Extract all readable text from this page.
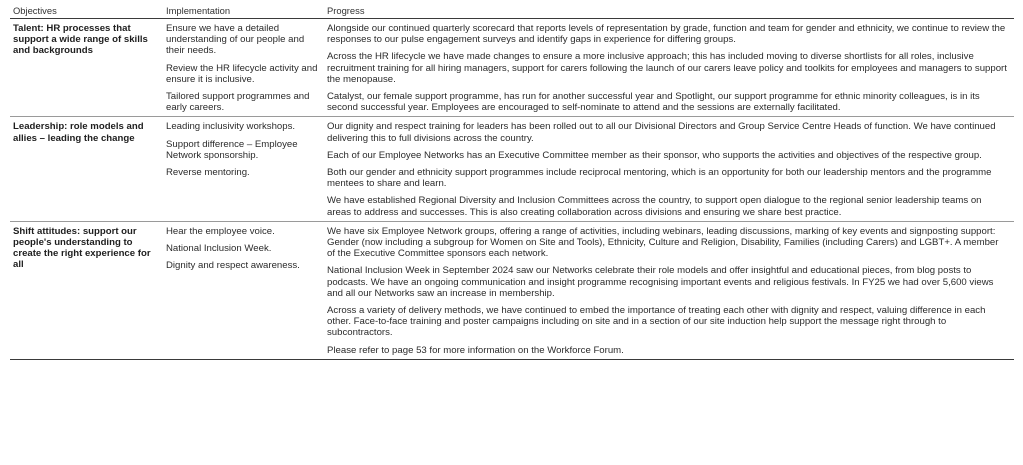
Objectives	Implementation	Progress
Talent: HR processes that support a wide range of skills and backgrounds

Ensure we have a detailed understanding of our people and their needs.

Review the HR lifecycle activity and ensure it is inclusive.

Tailored support programmes and early careers.

Alongside our continued quarterly scorecard that reports levels of representation by grade, function and team for gender and ethnicity, we continue to review the responses to our pulse engagement surveys and identify gaps in experience for differing groups.

Across the HR lifecycle we have made changes to ensure a more inclusive approach; this has included moving to diverse shortlists for all roles, inclusive recruitment training for all hiring managers, support for carers following the launch of our carers leave policy and toolkits for employees and managers to support the menopause.

Catalyst, our female support programme, has run for another successful year and Spotlight, our support programme for ethnic minority colleagues, is in its second successful year. Employees are encouraged to self-nominate to attend and the sessions are externally facilitated.

Leadership: role models and allies – leading the change

Leading inclusivity workshops.

Support difference – Employee Network sponsorship.

Reverse mentoring.

Our dignity and respect training for leaders has been rolled out to all our Divisional Directors and Group Service Centre Heads of function. We have continued delivering this to full divisions across the country.

Each of our Employee Networks has an Executive Committee member as their sponsor, who supports the activities and objectives of the respective group.

Both our gender and ethnicity support programmes include reciprocal mentoring, which is an opportunity for both our leadership mentors and the programme mentees to share and learn.

We have established Regional Diversity and Inclusion Committees across the country, to support open dialogue to the regional senior leadership teams on areas to address and successes. This is also creating collaboration across divisions and ensuring we share best practice.

Shift attitudes: support our people's understanding to create the right experience for all

Hear the employee voice.

National Inclusion Week.

Dignity and respect awareness.

We have six Employee Network groups, offering a range of activities, including webinars, leading discussions, marking of key events and signposting support: Gender (now including a subgroup for Women on Site and Tools), Ethnicity, Culture and Religion, Disability, Families (including Carers) and LGBT+. A member of the Executive Committee sponsors each network.

National Inclusion Week in September 2024 saw our Networks celebrate their role models and offer insightful and educational pieces, from blog posts to podcasts. We have an ongoing communication and insight programme recognising important events and religious festivals. In FY25 we had over 5,600 views and all our Networks saw an increase in membership.

Across a variety of delivery methods, we have continued to embed the importance of treating each other with dignity and respect, valuing difference in each other. Face-to-face training and poster campaigns including on site and in a section of our site induction help support the message right through to subcontractors.

Please refer to page 53 for more information on the Workforce Forum.
